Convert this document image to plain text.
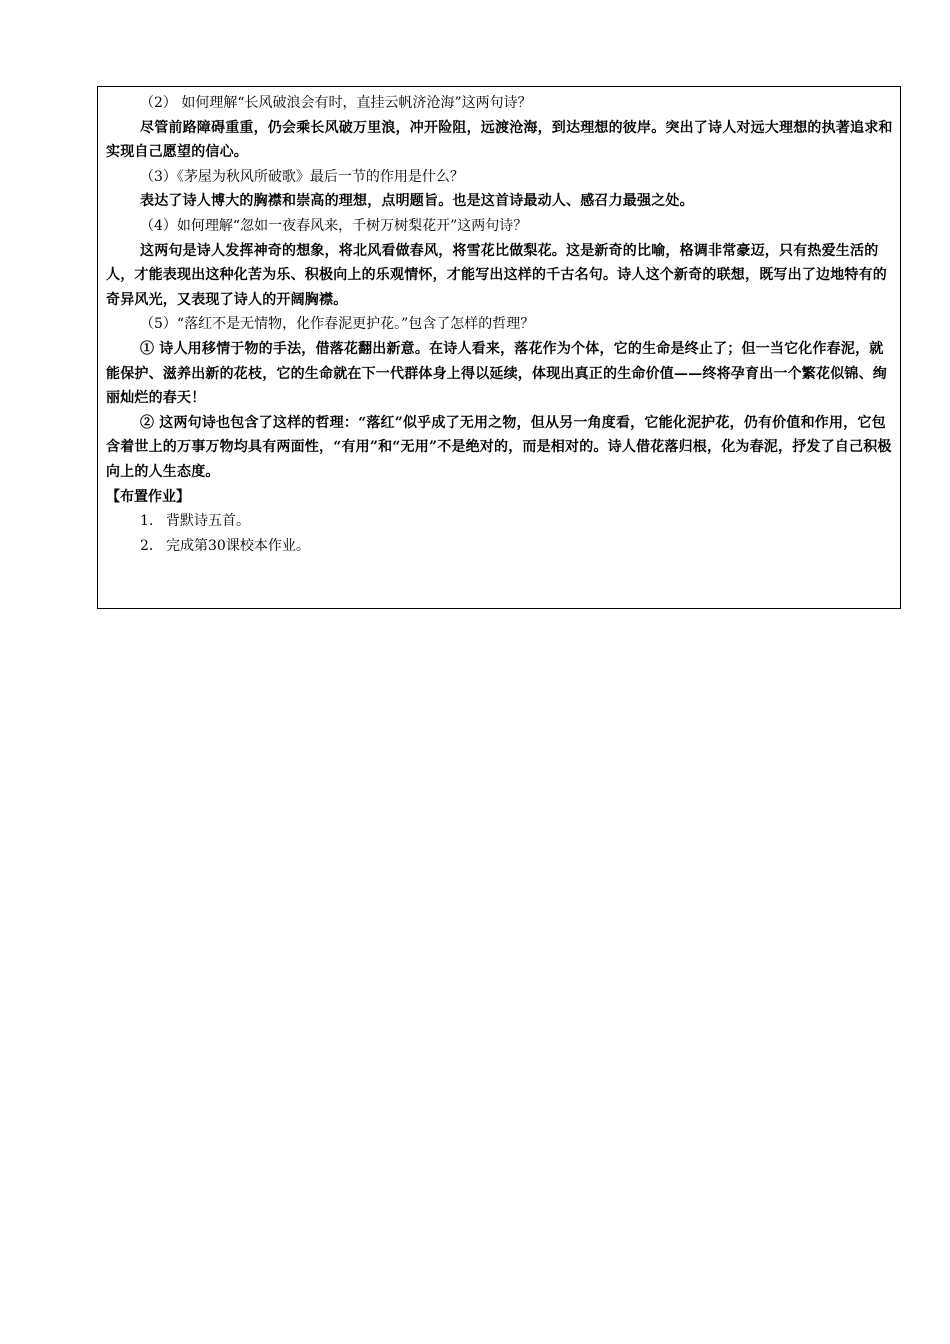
（2） 如何理解“长风破浪会有时，直挂云帆济沧海”这两句诗？

尽管前路障碍重重，仍会乘长风破万里浪，冲开险阻，远渡沧海，到达理想的彼岸。突出了诗人对远大理想的执著追求和实现自己愿望的信心。

（3）《茅屋为秋风所破歌》最后一节的作用是什么？

表达了诗人博大的胸襟和崇高的理想，点明题旨。也是这首诗最动人、感召力最强之处。

（4）如何理解“忽如一夜春风来，千树万树梨花开”这两句诗？

这两句是诗人发挥神奇的想象，将北风看做春风，将雪花比做梨花。这是新奇的比喻，格调非常豪迈，只有热爱生活的人，才能表现出这种化苦为乐、积极向上的乐观情怀，才能写出这样的千古名句。诗人这个新奇的联想，既写出了边地特有的奇异风光，又表现了诗人的开阔胸襟。

（5）“落红不是无情物，化作春泥更护花。”包含了怎样的哲理？

① 诗人用移情于物的手法，借落花翻出新意。在诗人看来，落花作为个体，它的生命是终止了；但一当它化作春泥，就能保护、滋养出新的花枝，它的生命就在下一代群体身上得以延续，体现出真正的生命价值——终将孕育出一个繁花似锦、绚丽灿烂的春天！

② 这两句诗也包含了这样的哲理：“落红”似乎成了无用之物，但从另一角度看，它能化泥护花，仍有价值和作用，它包含着世上的万事万物均具有两面性，“有用”和“无用”不是绝对的，而是相对的。诗人借花落归根，化为春泥，抒发了自己积极向上的人生态度。

【布置作业】

1. 背默诗五首。
2. 完成第30课校本作业。
